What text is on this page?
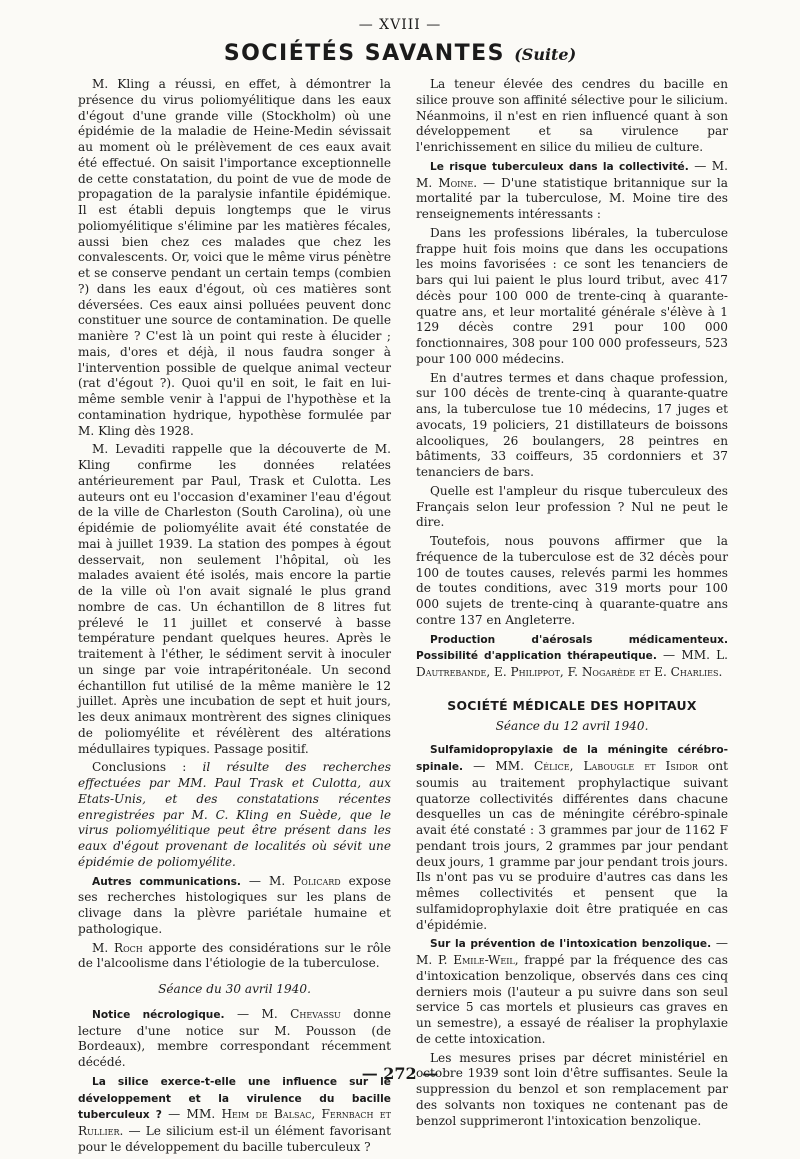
— XVIII —
SOCIÉTÉS SAVANTES (Suite)

M. Kling a réussi, en effet, à démontrer la présence du virus poliomyélitique dans les eaux d'égout d'une grande ville (Stockholm) où une épidémie de la maladie de Heine-Medin sévissait au moment où le prélèvement de ces eaux avait été effectué. On saisit l'importance exceptionnelle de cette constatation, du point de vue de mode de propagation de la paralysie infantile épidémique. Il est établi depuis longtemps que le virus poliomyélitique s'élimine par les matières fécales, aussi bien chez ces malades que chez les convalescents. Or, voici que le même virus pénètre et se conserve pendant un certain temps (combien ?) dans les eaux d'égout, où ces matières sont déversées. Ces eaux ainsi polluées peuvent donc constituer une source de contamination. De quelle manière ? C'est là un point qui reste à élucider ; mais, d'ores et déjà, il nous faudra songer à l'intervention possible de quelque animal vecteur (rat d'égout ?). Quoi qu'il en soit, le fait en lui-même semble venir à l'appui de l'hypothèse et la contamination hydrique, hypothèse formulée par M. Kling dès 1928.

M. Levaditi rappelle que la découverte de M. Kling confirme les données relatées antérieurement par Paul, Trask et Culotta. Les auteurs ont eu l'occasion d'examiner l'eau d'égout de la ville de Charleston (South Carolina), où une épidémie de poliomyélite avait été constatée de mai à juillet 1939. La station des pompes à égout desservait, non seulement l'hôpital, où les malades avaient été isolés, mais encore la partie de la ville où l'on avait signalé le plus grand nombre de cas. Un échantillon de 8 litres fut prélevé le 11 juillet et conservé à basse température pendant quelques heures. Après le traitement à l'éther, le sédiment servit à inoculer un singe par voie intrapéritonéale. Un second échantillon fut utilisé de la même manière le 12 juillet. Après une incubation de sept et huit jours, les deux animaux montrèrent des signes cliniques de poliomyélite et révélèrent des altérations médullaires typiques. Passage positif.

Conclusions : il résulte des recherches effectuées par MM. Paul Trask et Culotta, aux Etats-Unis, et des constatations récentes enregistrées par M. C. Kling en Suède, que le virus poliomyélitique peut être présent dans les eaux d'égout provenant de localités où sévit une épidémie de poliomyélite.

Autres communications. — M. Policard expose ses recherches histologiques sur les plans de clivage dans la plèvre pariétale humaine et pathologique.

M. Roch apporte des considérations sur le rôle de l'alcoolisme dans l'étiologie de la tuberculose.

Séance du 30 avril 1940.

Notice nécrologique. — M. Chevassu donne lecture d'une notice sur M. Pousson (de Bordeaux), membre correspondant récemment décédé.

La silice exerce-t-elle une influence sur le développement et la virulence du bacille tuberculeux ? — MM. Heim de Balsac, Fernbach et Rullier. — Le silicium est-il un élément favorisant pour le développement du bacille tuberculeux ?

La teneur élevée des cendres du bacille en silice prouve son affinité sélective pour le silicium. Néanmoins, il n'est en rien influencé quant à son développement et sa virulence par l'enrichissement en silice du milieu de culture.

Le risque tuberculeux dans la collectivité. — M. M. Moine. — D'une statistique britannique sur la mortalité par la tuberculose, M. Moine tire des renseignements intéressants :

Dans les professions libérales, la tuberculose frappe huit fois moins que dans les occupations les moins favorisées : ce sont les tenanciers de bars qui lui paient le plus lourd tribut, avec 417 décès pour 100 000 de trente-cinq à quarante-quatre ans, et leur mortalité générale s'élève à 1 129 décès contre 291 pour 100 000 fonctionnaires, 308 pour 100 000 professeurs, 523 pour 100 000 médecins.

En d'autres termes et dans chaque profession, sur 100 décès de trente-cinq à quarante-quatre ans, la tuberculose tue 10 médecins, 17 juges et avocats, 19 policiers, 21 distillateurs de boissons alcooliques, 26 boulangers, 28 peintres en bâtiments, 33 coiffeurs, 35 cordonniers et 37 tenanciers de bars.

Quelle est l'ampleur du risque tuberculeux des Français selon leur profession ? Nul ne peut le dire.

Toutefois, nous pouvons affirmer que la fréquence de la tuberculose est de 32 décès pour 100 de toutes causes, relevés parmi les hommes de toutes conditions, avec 319 morts pour 100 000 sujets de trente-cinq à quarante-quatre ans contre 137 en Angleterre.

Production d'aérosals médicamenteux. Possibilité d'application thérapeutique. — MM. L. Dautrebande, E. Philippot, F. Nogarède et E. Charlies.

SOCIÉTÉ MÉDICALE DES HOPITAUX

Séance du 12 avril 1940.

Sulfamidopropylaxie de la méningite cérébro-spinale. — MM. Célice, Labougle et Isidor ont soumis au traitement prophylactique suivant quatorze collectivités différentes dans chacune desquelles un cas de méningite cérébro-spinale avait été constaté : 3 grammes par jour de 1162 F pendant trois jours, 2 grammes par jour pendant deux jours, 1 gramme par jour pendant trois jours. Ils n'ont pas vu se produire d'autres cas dans les mêmes collectivités et pensent que la sulfamidoprophylaxie doit être pratiquée en cas d'épidémie.

Sur la prévention de l'intoxication benzolique. — M. P. Emile-Weil, frappé par la fréquence des cas d'intoxication benzolique, observés dans ces cinq derniers mois (l'auteur a pu suivre dans son seul service 5 cas mortels et plusieurs cas graves en un semestre), a essayé de réaliser la prophylaxie de cette intoxication.

Les mesures prises par décret ministériel en octobre 1939 sont loin d'être suffisantes. Seule la suppression du benzol et son remplacement par des solvants non toxiques ne contenant pas de benzol supprimeront l'intoxication benzolique.

— 272 —
